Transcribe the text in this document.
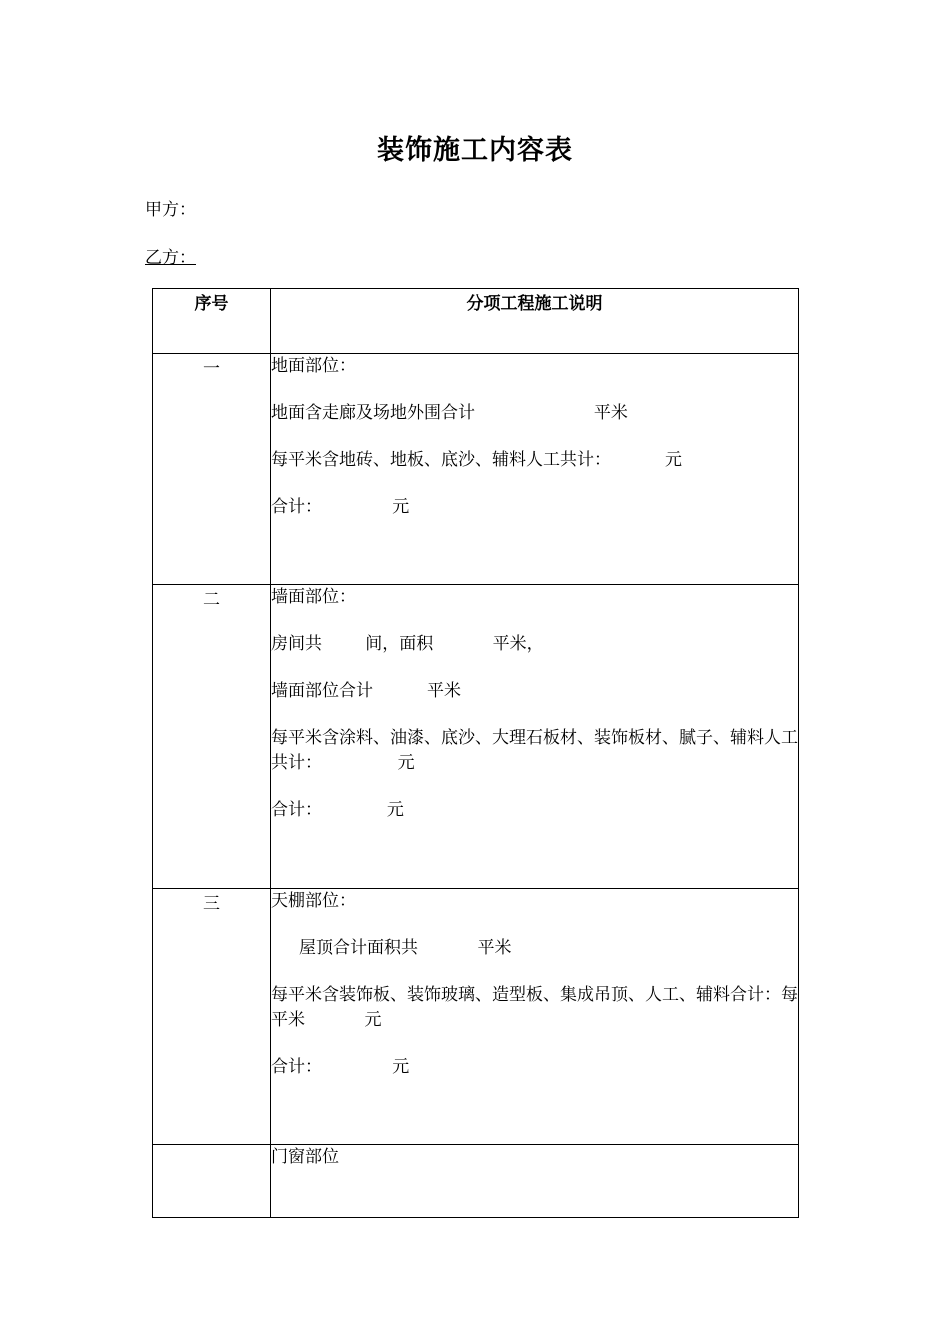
装饰施工内容表
甲方：
乙方：
序号	分项工程施工说明
一	地面部位：
地面含走廊及场地外围合计                      平米
每平米含地砖、地板、底沙、辅料人工共计：          元
合计：             元

二	墙面部位：
房间共        间，面积           平米，
墙面部位合计          平米
每平米含涂料、油漆、底沙、大理石板材、装饰板材、腻子、辅料人工共计：              元
合计：            元

三	天棚部位：
屋顶合计面积共           平米
每平米含装饰板、装饰玻璃、造型板、集成吊顶、人工、辅料合计：每平米           元
合计：             元

	门窗部位
